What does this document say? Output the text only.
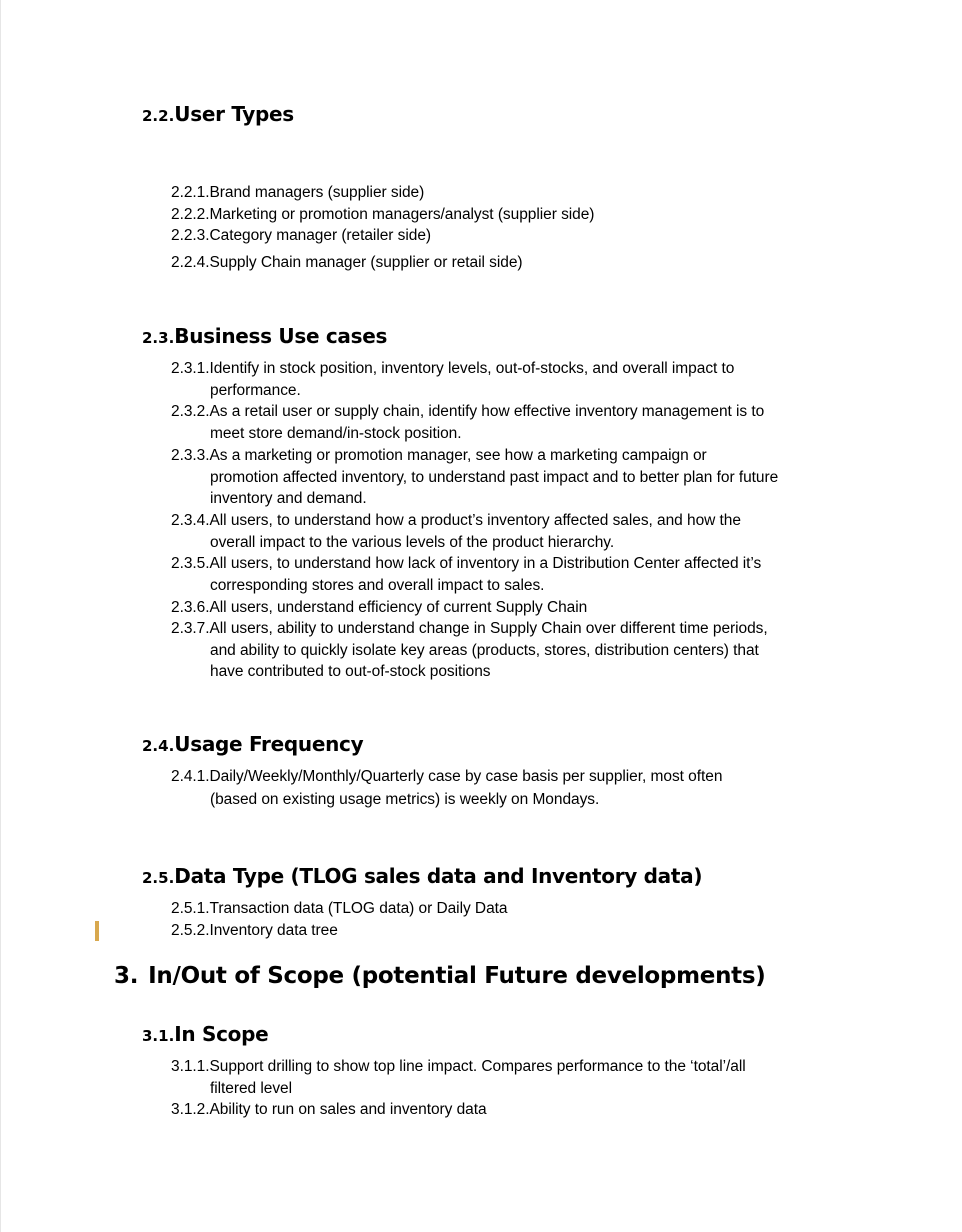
2.2.User Types
2.2.1.Brand managers (supplier side)
2.2.2.Marketing or promotion managers/analyst (supplier side)
2.2.3.Category manager (retailer side)
2.2.4.Supply Chain manager (supplier or retail side)
2.3.Business Use cases
2.3.1.Identify in stock position, inventory levels, out-of-stocks, and overall impact to
performance.
2.3.2.As a retail user or supply chain, identify how effective inventory management is to
meet store demand/in-stock position.
2.3.3.As a marketing or promotion manager, see how a marketing campaign or
promotion affected inventory, to understand past impact and to better plan for future
inventory and demand.
2.3.4.All users, to understand how a product’s inventory affected sales, and how the
overall impact to the various levels of the product hierarchy.
2.3.5.All users, to understand how lack of inventory in a Distribution Center affected it’s
corresponding stores and overall impact to sales.
2.3.6.All users, understand efficiency of current Supply Chain
2.3.7.All users, ability to understand change in Supply Chain over different time periods,
and ability to quickly isolate key areas (products, stores, distribution centers) that
have contributed to out-of-stock positions
2.4.Usage Frequency
2.4.1.Daily/Weekly/Monthly/Quarterly case by case basis per supplier, most often
(based on existing usage metrics) is weekly on Mondays.
2.5.Data Type (TLOG sales data and Inventory data)
2.5.1.Transaction data (TLOG data) or Daily Data
2.5.2.Inventory data tree
3. In/Out of Scope (potential Future developments)
3.1.In Scope
3.1.1.Support drilling to show top line impact. Compares performance to the ‘total’/all
filtered level
3.1.2.Ability to run on sales and inventory data
